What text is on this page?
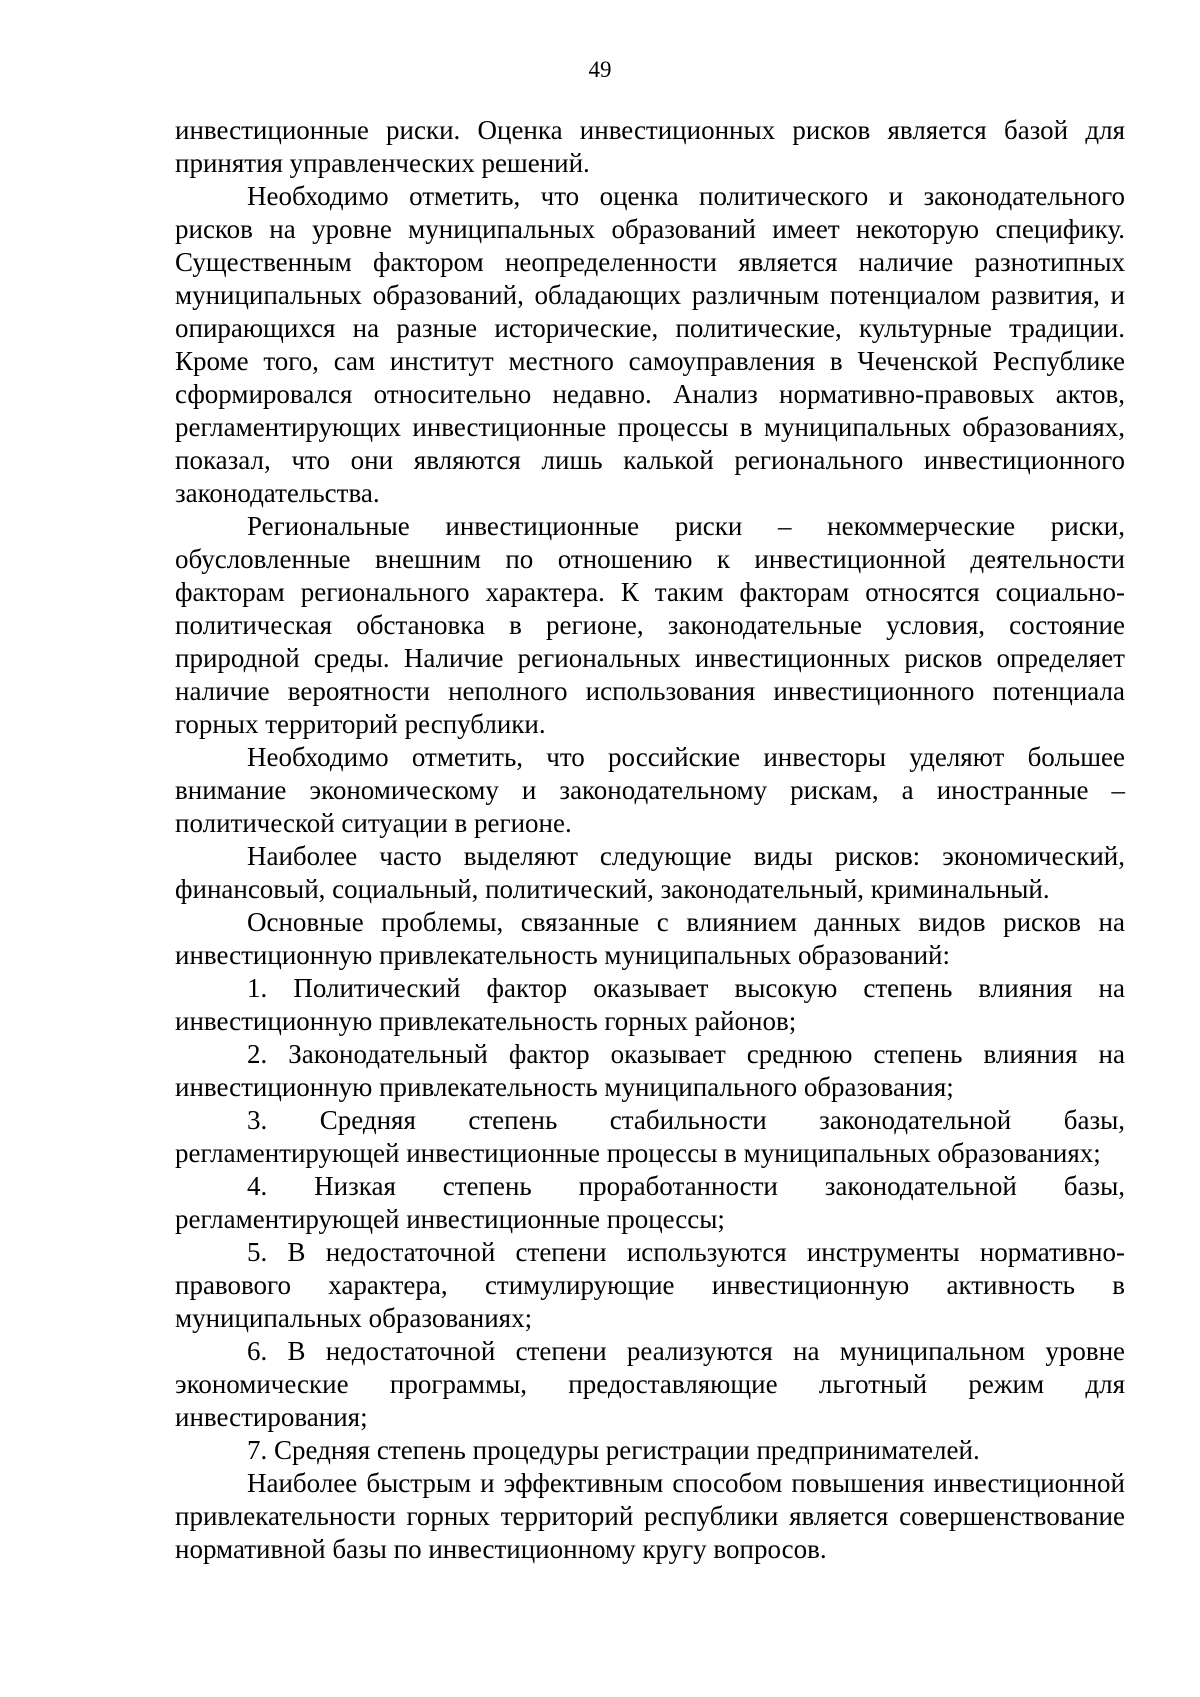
49

инвестиционные риски. Оценка инвестиционных рисков является базой для принятия управленческих решений.

Необходимо отметить, что оценка политического и законодательного рисков на уровне муниципальных образований имеет некоторую специфику. Существенным фактором неопределенности является наличие разнотипных муниципальных образований, обладающих различным потенциалом развития, и опирающихся на разные исторические, политические, культурные традиции. Кроме того, сам институт местного самоуправления в Чеченской Республике сформировался относительно недавно. Анализ нормативно-правовых актов, регламентирующих инвестиционные процессы в муниципальных образованиях, показал, что они являются лишь калькой регионального инвестиционного законодательства.

Региональные инвестиционные риски – некоммерческие риски, обусловленные внешним по отношению к инвестиционной деятельности факторам регионального характера. К таким факторам относятся социально-политическая обстановка в регионе, законодательные условия, состояние природной среды. Наличие региональных инвестиционных рисков определяет наличие вероятности неполного использования инвестиционного потенциала горных территорий республики.

Необходимо отметить, что российские инвесторы уделяют большее внимание экономическому и законодательному рискам, а иностранные – политической ситуации в регионе.

Наиболее часто выделяют следующие виды рисков: экономический, финансовый, социальный, политический, законодательный, криминальный.

Основные проблемы, связанные с влиянием данных видов рисков на инвестиционную привлекательность муниципальных образований:

1. Политический фактор оказывает высокую степень влияния на инвестиционную привлекательность горных районов;

2. Законодательный фактор оказывает среднюю степень влияния на инвестиционную привлекательность муниципального образования;

3. Средняя степень стабильности законодательной базы, регламентирующей инвестиционные процессы в муниципальных образованиях;

4. Низкая степень проработанности законодательной базы, регламентирующей инвестиционные процессы;

5. В недостаточной степени используются инструменты нормативно-правового характера, стимулирующие инвестиционную активность в муниципальных образованиях;

6. В недостаточной степени реализуются на муниципальном уровне экономические программы, предоставляющие льготный режим для инвестирования;

7. Средняя степень процедуры регистрации предпринимателей.

Наиболее быстрым и эффективным способом повышения инвестиционной привлекательности горных территорий республики является совершенствование нормативной базы по инвестиционному кругу вопросов.
